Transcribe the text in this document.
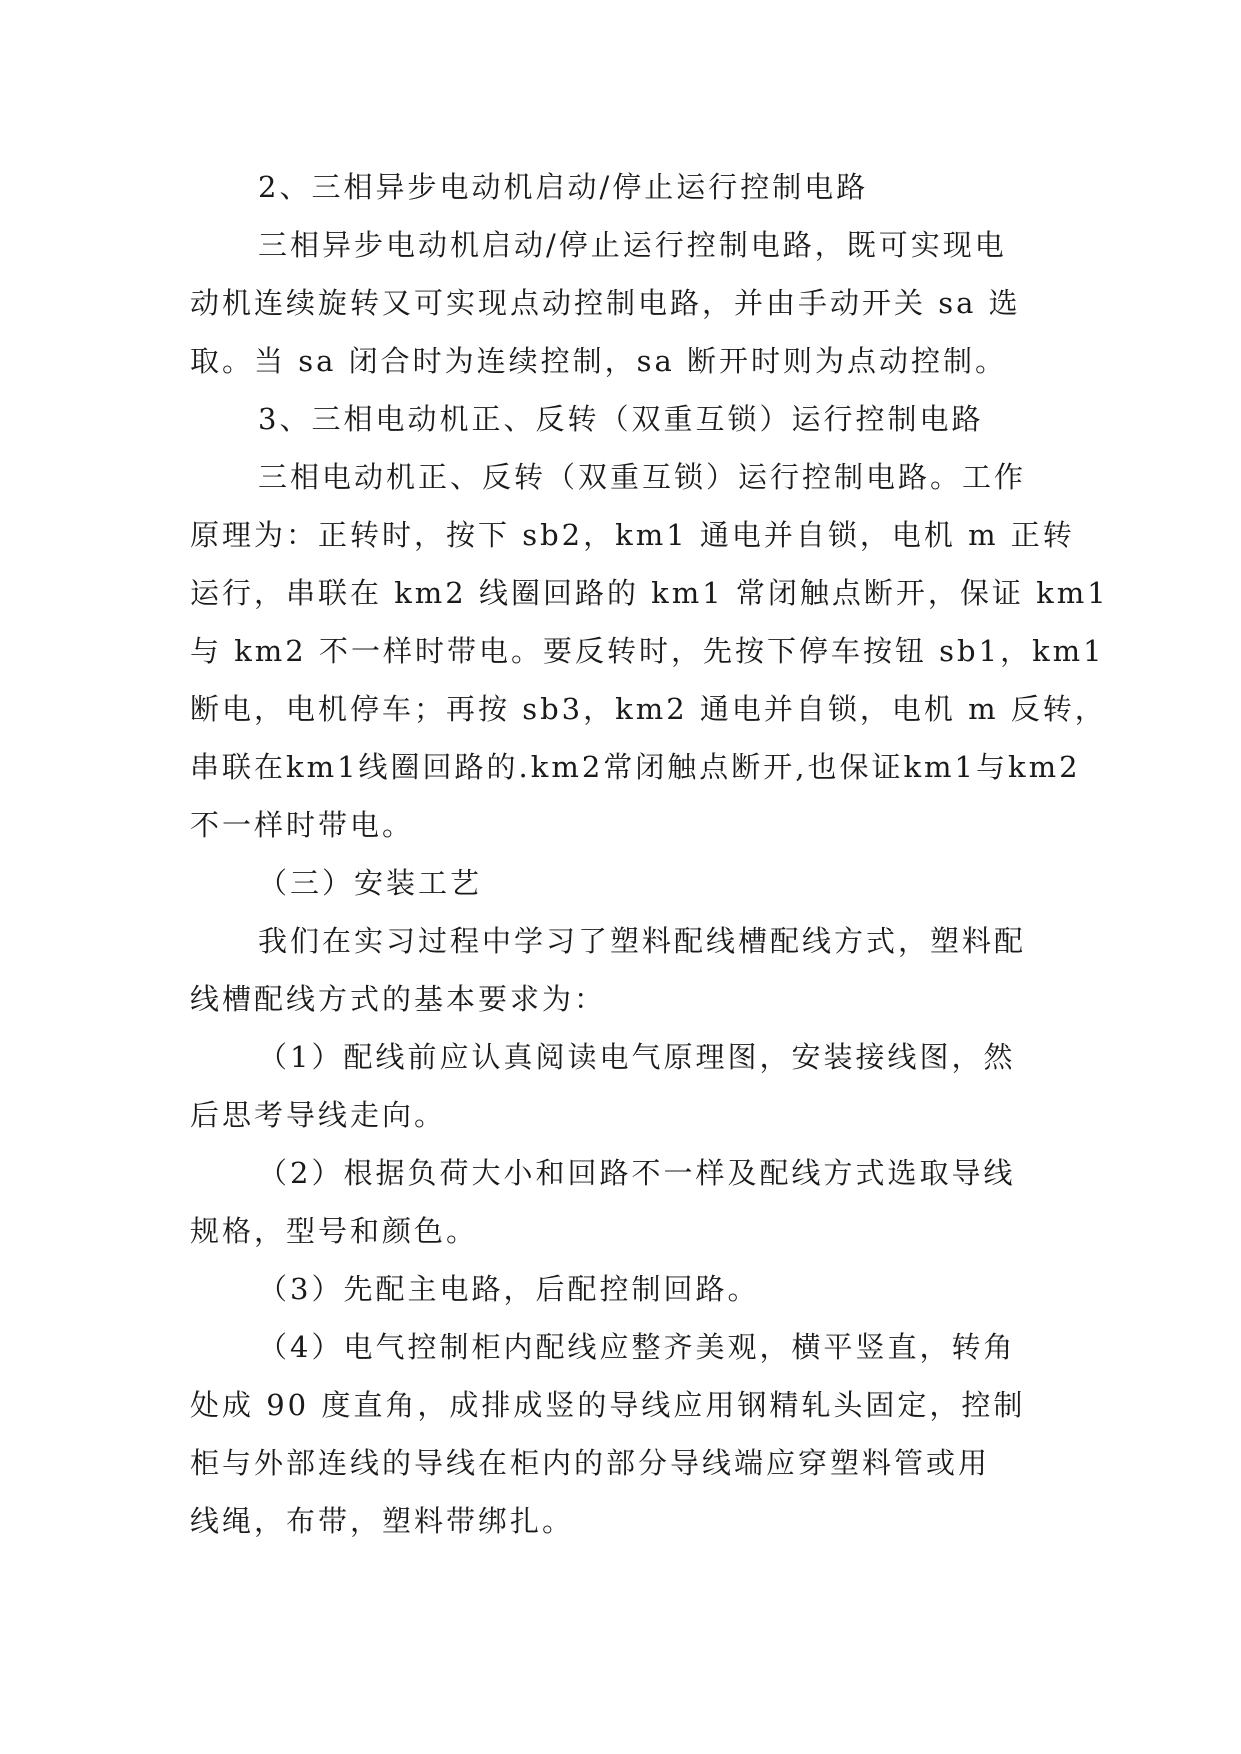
2、三相异步电动机启动/停止运行控制电路
三相异步电动机启动/停止运行控制电路，既可实现电
动机连续旋转又可实现点动控制电路，并由手动开关 sa 选
取。当 sa 闭合时为连续控制，sa 断开时则为点动控制。
3、三相电动机正、反转（双重互锁）运行控制电路
三相电动机正、反转（双重互锁）运行控制电路。工作
原理为：正转时，按下 sb2，km1 通电并自锁，电机 m 正转
运行，串联在 km2 线圈回路的 km1 常闭触点断开，保证 km1
与 km2 不一样时带电。要反转时，先按下停车按钮 sb1，km1
断电，电机停车；再按 sb3，km2 通电并自锁，电机 m 反转，
串联在km1线圈回路的.km2常闭触点断开,也保证km1与km2
不一样时带电。
（三）安装工艺
我们在实习过程中学习了塑料配线槽配线方式，塑料配
线槽配线方式的基本要求为：
（1）配线前应认真阅读电气原理图，安装接线图，然
后思考导线走向。
（2）根据负荷大小和回路不一样及配线方式选取导线
规格，型号和颜色。
（3）先配主电路，后配控制回路。
（4）电气控制柜内配线应整齐美观，横平竖直，转角
处成 90 度直角，成排成竖的导线应用钢精轧头固定，控制
柜与外部连线的导线在柜内的部分导线端应穿塑料管或用
线绳，布带，塑料带绑扎。
